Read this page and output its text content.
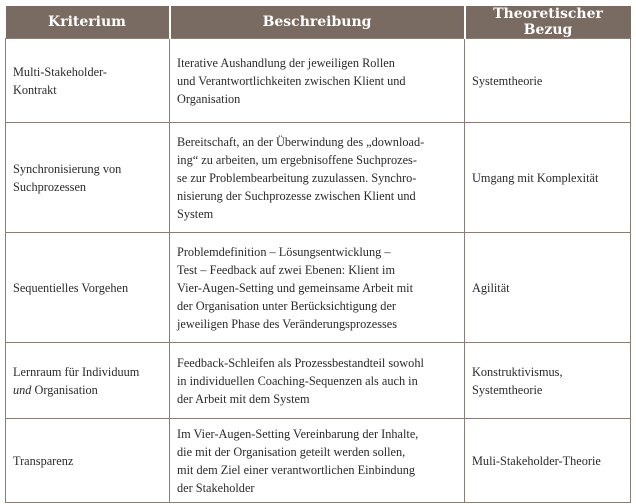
Kriterium	Beschreibung	Theoretischer Bezug

Multi-Stakeholder-
Kontrakt	Iterative Aushandlung der jeweiligen Rollen
und Verantwortlichkeiten zwischen Klient und
Organisation	Systemtheorie

Synchronisierung von
Suchprozessen	Bereitschaft, an der Überwindung des „download-
ing“ zu arbeiten, um ergebnisoffene Suchprozes-
se zur Problembearbeitung zuzulassen. Synchro-
nisierung der Suchprozesse zwischen Klient und
System	Umgang mit Komplexität

Sequentielles Vorgehen	Problemdefinition – Lösungsentwicklung –
Test – Feedback auf zwei Ebenen: Klient im
Vier-Augen-Setting und gemeinsame Arbeit mit
der Organisation unter Berücksichtigung der
jeweiligen Phase des Veränderungsprozesses	Agilität

Lernraum für Individuum
und Organisation	Feedback-Schleifen als Prozessbestandteil sowohl
in individuellen Coaching-Sequenzen als auch in
der Arbeit mit dem System	Konstruktivismus,
Systemtheorie

Transparenz	Im Vier-Augen-Setting Vereinbarung der Inhalte,
die mit der Organisation geteilt werden sollen,
mit dem Ziel einer verantwortlichen Einbindung
der Stakeholder	Muli-Stakeholder-Theorie
